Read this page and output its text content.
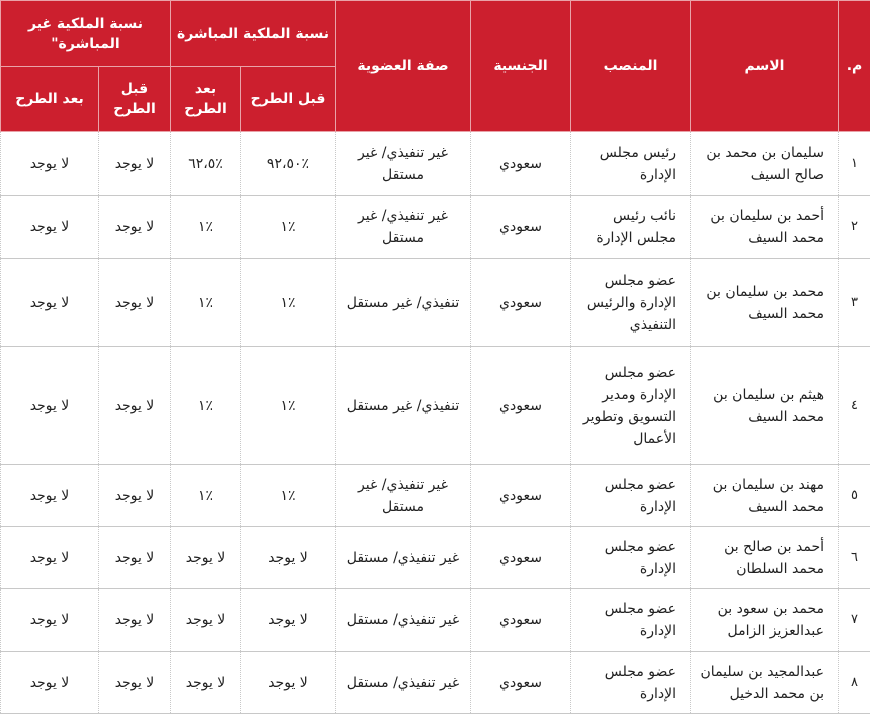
م.	الاسم	المنصب	الجنسية	صفة العضوية	نسبة الملكية المباشرة		نسبة الملكية غير المباشرة"	
					قبل الطرح	بعد الطرح	قبل الطرح	بعد الطرح
١	سليمان بن محمد بن صالح السيف	رئيس مجلس الإدارة	سعودي	غير تنفيذي/ غير مستقل	٪٩٢،٥٠	٪٦٢،٥	لا يوجد	لا يوجد
٢	أحمد بن سليمان بن محمد السيف	نائب رئيس مجلس الإدارة	سعودي	غير تنفيذي/ غير مستقل	٪١	٪١	لا يوجد	لا يوجد
٣	محمد بن سليمان بن محمد السيف	عضو مجلس الإدارة والرئيس التنفيذي	سعودي	تنفيذي/ غير مستقل	٪١	٪١	لا يوجد	لا يوجد
٤	هيثم بن سليمان بن محمد السيف	عضو مجلس الإدارة ومدير التسويق وتطوير الأعمال	سعودي	تنفيذي/ غير مستقل	٪١	٪١	لا يوجد	لا يوجد
٥	مهند بن سليمان بن محمد السيف	عضو مجلس الإدارة	سعودي	غير تنفيذي/ غير مستقل	٪١	٪١	لا يوجد	لا يوجد
٦	أحمد بن صالح بن محمد السلطان	عضو مجلس الإدارة	سعودي	غير تنفيذي/ مستقل	لا يوجد	لا يوجد	لا يوجد	لا يوجد
٧	محمد بن سعود بن عبدالعزيز الزامل	عضو مجلس الإدارة	سعودي	غير تنفيذي/ مستقل	لا يوجد	لا يوجد	لا يوجد	لا يوجد
٨	عبدالمجيد بن سليمان بن محمد الدخيل	عضو مجلس الإدارة	سعودي	غير تنفيذي/ مستقل	لا يوجد	لا يوجد	لا يوجد	لا يوجد
